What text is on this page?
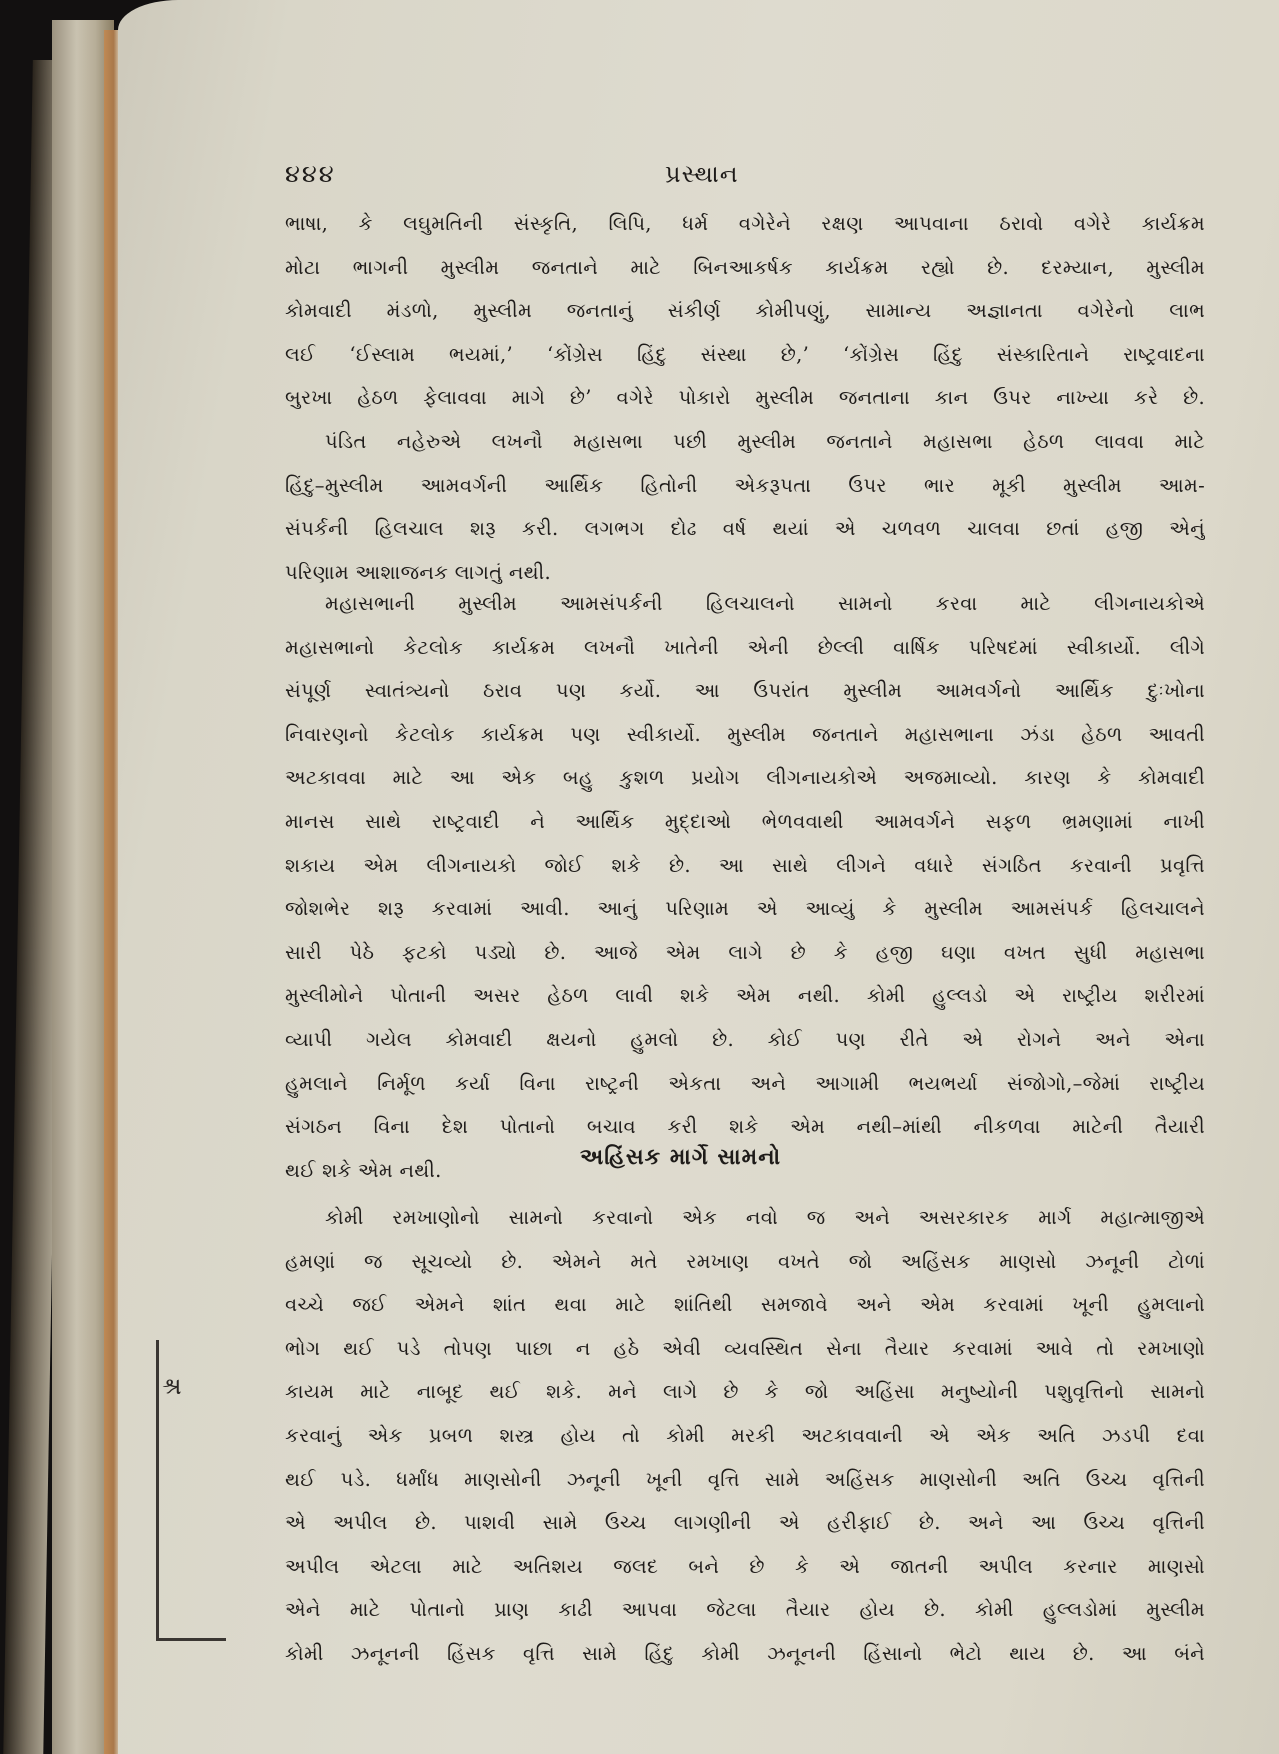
શ્ર
૪૪૪	પ્રસ્થાન
ભાષા, કે લઘુમતિની સંસ્કૃતિ, લિપિ, ધર્મ વગેરેને રક્ષણ આપવાના ઠરાવો વગેરે કાર્યક્રમ
મોટા ભાગની મુસ્લીમ જનતાને માટે બિનઆકર્ષક કાર્યક્રમ રહ્યો છે. દરમ્યાન, મુસ્લીમ
કોમવાદી મંડળો, મુસ્લીમ જનતાનું સંકીર્ણ કોમીપણું, સામાન્ય અજ્ઞાનતા વગેરેનો લાભ
લઈ ‘ઈસ્લામ ભયમાં,’ ‘કોંગ્રેસ હિંદુ સંસ્થા છે,’ ‘કોંગ્રેસ હિંદુ સંસ્કારિતાને રાષ્ટ્રવાદના
બુરખા હેઠળ ફેલાવવા માગે છે’ વગેરે પોકારો મુસ્લીમ જનતાના કાન ઉપર નાખ્યા કરે છે.
પંડિત નહેરુએ લખનૌ મહાસભા પછી મુસ્લીમ જનતાને મહાસભા હેઠળ લાવવા માટે
હિંદુ–મુસ્લીમ આમવર્ગની આર્થિક હિતોની એકરૂપતા ઉપર ભાર મૂકી મુસ્લીમ આમ-
સંપર્કની હિલચાલ શરૂ કરી. લગભગ દોઢ વર્ષ થયાં એ ચળવળ ચાલવા છતાં હજી એનું
પરિણામ આશાજનક લાગતું નથી.
મહાસભાની મુસ્લીમ આમસંપર્કની હિલચાલનો સામનો કરવા માટે લીગનાયકોએ
મહાસભાનો કેટલોક કાર્યક્રમ લખનૌ ખાતેની એની છેલ્લી વાર્ષિક પરિષદમાં સ્વીકાર્યો. લીગે
સંપૂર્ણ સ્વાતંત્ર્યનો ઠરાવ પણ કર્યો. આ ઉપરાંત મુસ્લીમ આમવર્ગનો આર્થિક દુઃખોના
નિવારણનો કેટલોક કાર્યક્રમ પણ સ્વીકાર્યો. મુસ્લીમ જનતાને મહાસભાના ઝંડા હેઠળ આવતી
અટકાવવા માટે આ એક બહુ કુશળ પ્રયોગ લીગનાયકોએ અજમાવ્યો. કારણ કે કોમવાદી
માનસ સાથે રાષ્ટ્રવાદી ને આર્થિક મુદ્દાઓ ભેળવવાથી આમવર્ગને સફળ ભ્રમણામાં નાખી
શકાય એમ લીગનાયકો જોઈ શકે છે. આ સાથે લીગને વધારે સંગઠિત કરવાની પ્રવૃત્તિ
જોશભેર શરૂ કરવામાં આવી. આનું પરિણામ એ આવ્યું કે મુસ્લીમ આમસંપર્ક હિલચાલને
સારી પેઠે ફટકો પડ્યો છે. આજે એમ લાગે છે કે હજી ઘણા વખત સુધી મહાસભા
મુસ્લીમોને પોતાની અસર હેઠળ લાવી શકે એમ નથી. કોમી હુલ્લડો એ રાષ્ટ્રીય શરીરમાં
વ્યાપી ગયેલ કોમવાદી ક્ષયનો હુમલો છે. કોઈ પણ રીતે એ રોગને અને એના
હુમલાને નિર્મૂળ કર્યા વિના રાષ્ટ્રની એકતા અને આગામી ભયભર્યા સંજોગો,–જેમાં રાષ્ટ્રીય
સંગઠન વિના દેશ પોતાનો બચાવ કરી શકે એમ નથી–માંથી નીકળવા માટેની તૈયારી
થઈ શકે એમ નથી.
અહિંસક માર્ગે સામનો
કોમી રમખાણોનો સામનો કરવાનો એક નવો જ અને અસરકારક માર્ગ મહાત્માજીએ
હમણાં જ સૂચવ્યો છે. એમને મતે રમખાણ વખતે જો અહિંસક માણસો ઝનૂની ટોળાં
વચ્ચે જઈ એમને શાંત થવા માટે શાંતિથી સમજાવે અને એમ કરવામાં ખૂની હુમલાનો
ભોગ થઈ પડે તોપણ પાછા ન હઠે એવી વ્યવસ્થિત સેના તૈયાર કરવામાં આવે તો રમખાણો
કાયમ માટે નાબૂદ થઈ શકે. મને લાગે છે કે જો અહિંસા મનુષ્યોની પશુવૃત્તિનો સામનો
કરવાનું એક પ્રબળ શસ્ત્ર હોય તો કોમી મરકી અટકાવવાની એ એક અતિ ઝડપી દવા
થઈ પડે. ધર્માંધ માણસોની ઝનૂની ખૂની વૃત્તિ સામે અહિંસક માણસોની અતિ ઉચ્ચ વૃત્તિની
એ અપીલ છે. પાશવી સામે ઉચ્ચ લાગણીની એ હરીફાઈ છે. અને આ ઉચ્ચ વૃત્તિની
અપીલ એટલા માટે અતિશય જલદ બને છે કે એ જાતની અપીલ કરનાર માણસો
એને માટે પોતાનો પ્રાણ કાઢી આપવા જેટલા તૈયાર હોય છે. કોમી હુલ્લડોમાં મુસ્લીમ
કોમી ઝનૂનની હિંસક વૃત્તિ સામે હિંદુ કોમી ઝનૂનની હિંસાનો ભેટો થાય છે. આ બંને
